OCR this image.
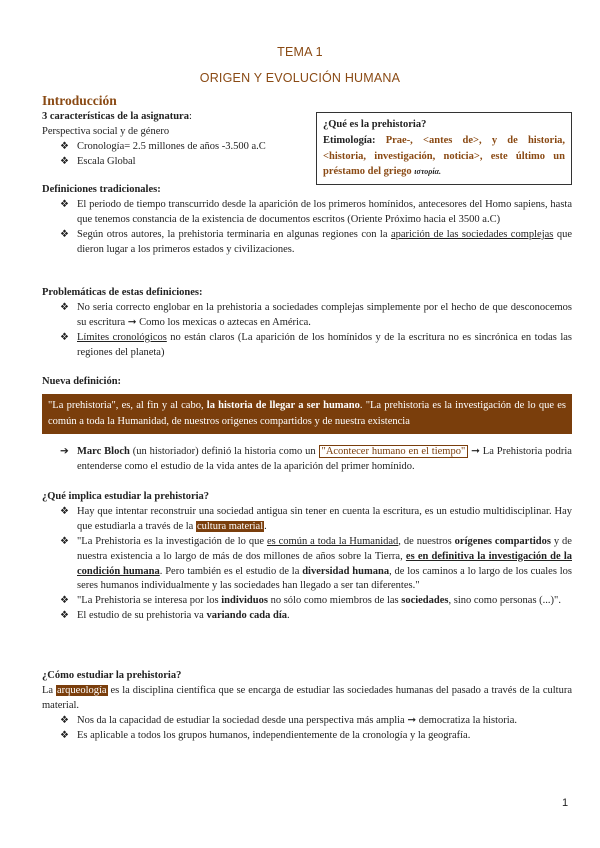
TEMA 1
ORIGEN Y EVOLUCIÓN HUMANA
Introducción
3 características de la asignatura:
Perspectiva social y de género
❖ Cronología= 2.5 millones de años -3.500 a.C
❖ Escala Global
¿Qué es la prehistoria?
Etimología: Prae-, <antes de>, y de historia, <historia, investigación, noticia>, este último un préstamo del griego ιστορία.
Definiciones tradicionales:
❖ El periodo de tiempo transcurrido desde la aparición de los primeros homínidos, antecesores del Homo sapiens, hasta que tenemos constancia de la existencia de documentos escritos (Oriente Próximo hacia el 3500 a.C)
❖ Según otros autores, la prehistoria terminaria en algunas regiones con la aparición de las sociedades complejas que dieron lugar a los primeros estados y civilizaciones.
Problemáticas de estas definiciones:
❖ No seria correcto englobar en la prehistoria a sociedades complejas simplemente por el hecho de que desconocemos su escritura ➞ Como los mexicas o aztecas en América.
❖ Límites cronológicos no están claros (La aparición de los homínidos y de la escritura no es sincrónica en todas las regiones del planeta)
Nueva definición:
"La prehistoria", es, al fin y al cabo, la historia de llegar a ser humano. "La prehistoria es la investigación de lo que es común a toda la Humanidad, de nuestros origenes compartidos y de nuestra existencia
➔ Marc Bloch (un historiador) definió la historia como un "Acontecer humano en el tiempo" ➞ La Prehistoria podria entenderse como el estudio de la vida antes de la aparición del primer homínido.
¿Qué implica estudiar la prehistoria?
❖ Hay que intentar reconstruir una sociedad antigua sin tener en cuenta la escritura, es un estudio multidisciplinar. Hay que estudiarla a través de la cultura material.
❖ "La Prehistoria es la investigación de lo que es común a toda la Humanidad, de nuestros orígenes compartidos y de nuestra existencia a lo largo de más de dos millones de años sobre la Tierra, es en definitiva la investigación de la condición humana. Pero también es el estudio de la diversidad humana, de los caminos a lo largo de los cuales los seres humanos individualmente y las sociedades han llegado a ser tan diferentes."
❖ "La Prehistoria se interesa por los individuos no sólo como miembros de las sociedades, sino como personas (...)".
❖ El estudio de su prehistoria va variando cada día.
¿Cómo estudiar la prehistoria?
La arqueología es la disciplina científica que se encarga de estudiar las sociedades humanas del pasado a través de la cultura material.
❖ Nos da la capacidad de estudiar la sociedad desde una perspectiva más amplia ➞ democratiza la historia.
❖ Es aplicable a todos los grupos humanos, independientemente de la cronología y la geografía.
1
